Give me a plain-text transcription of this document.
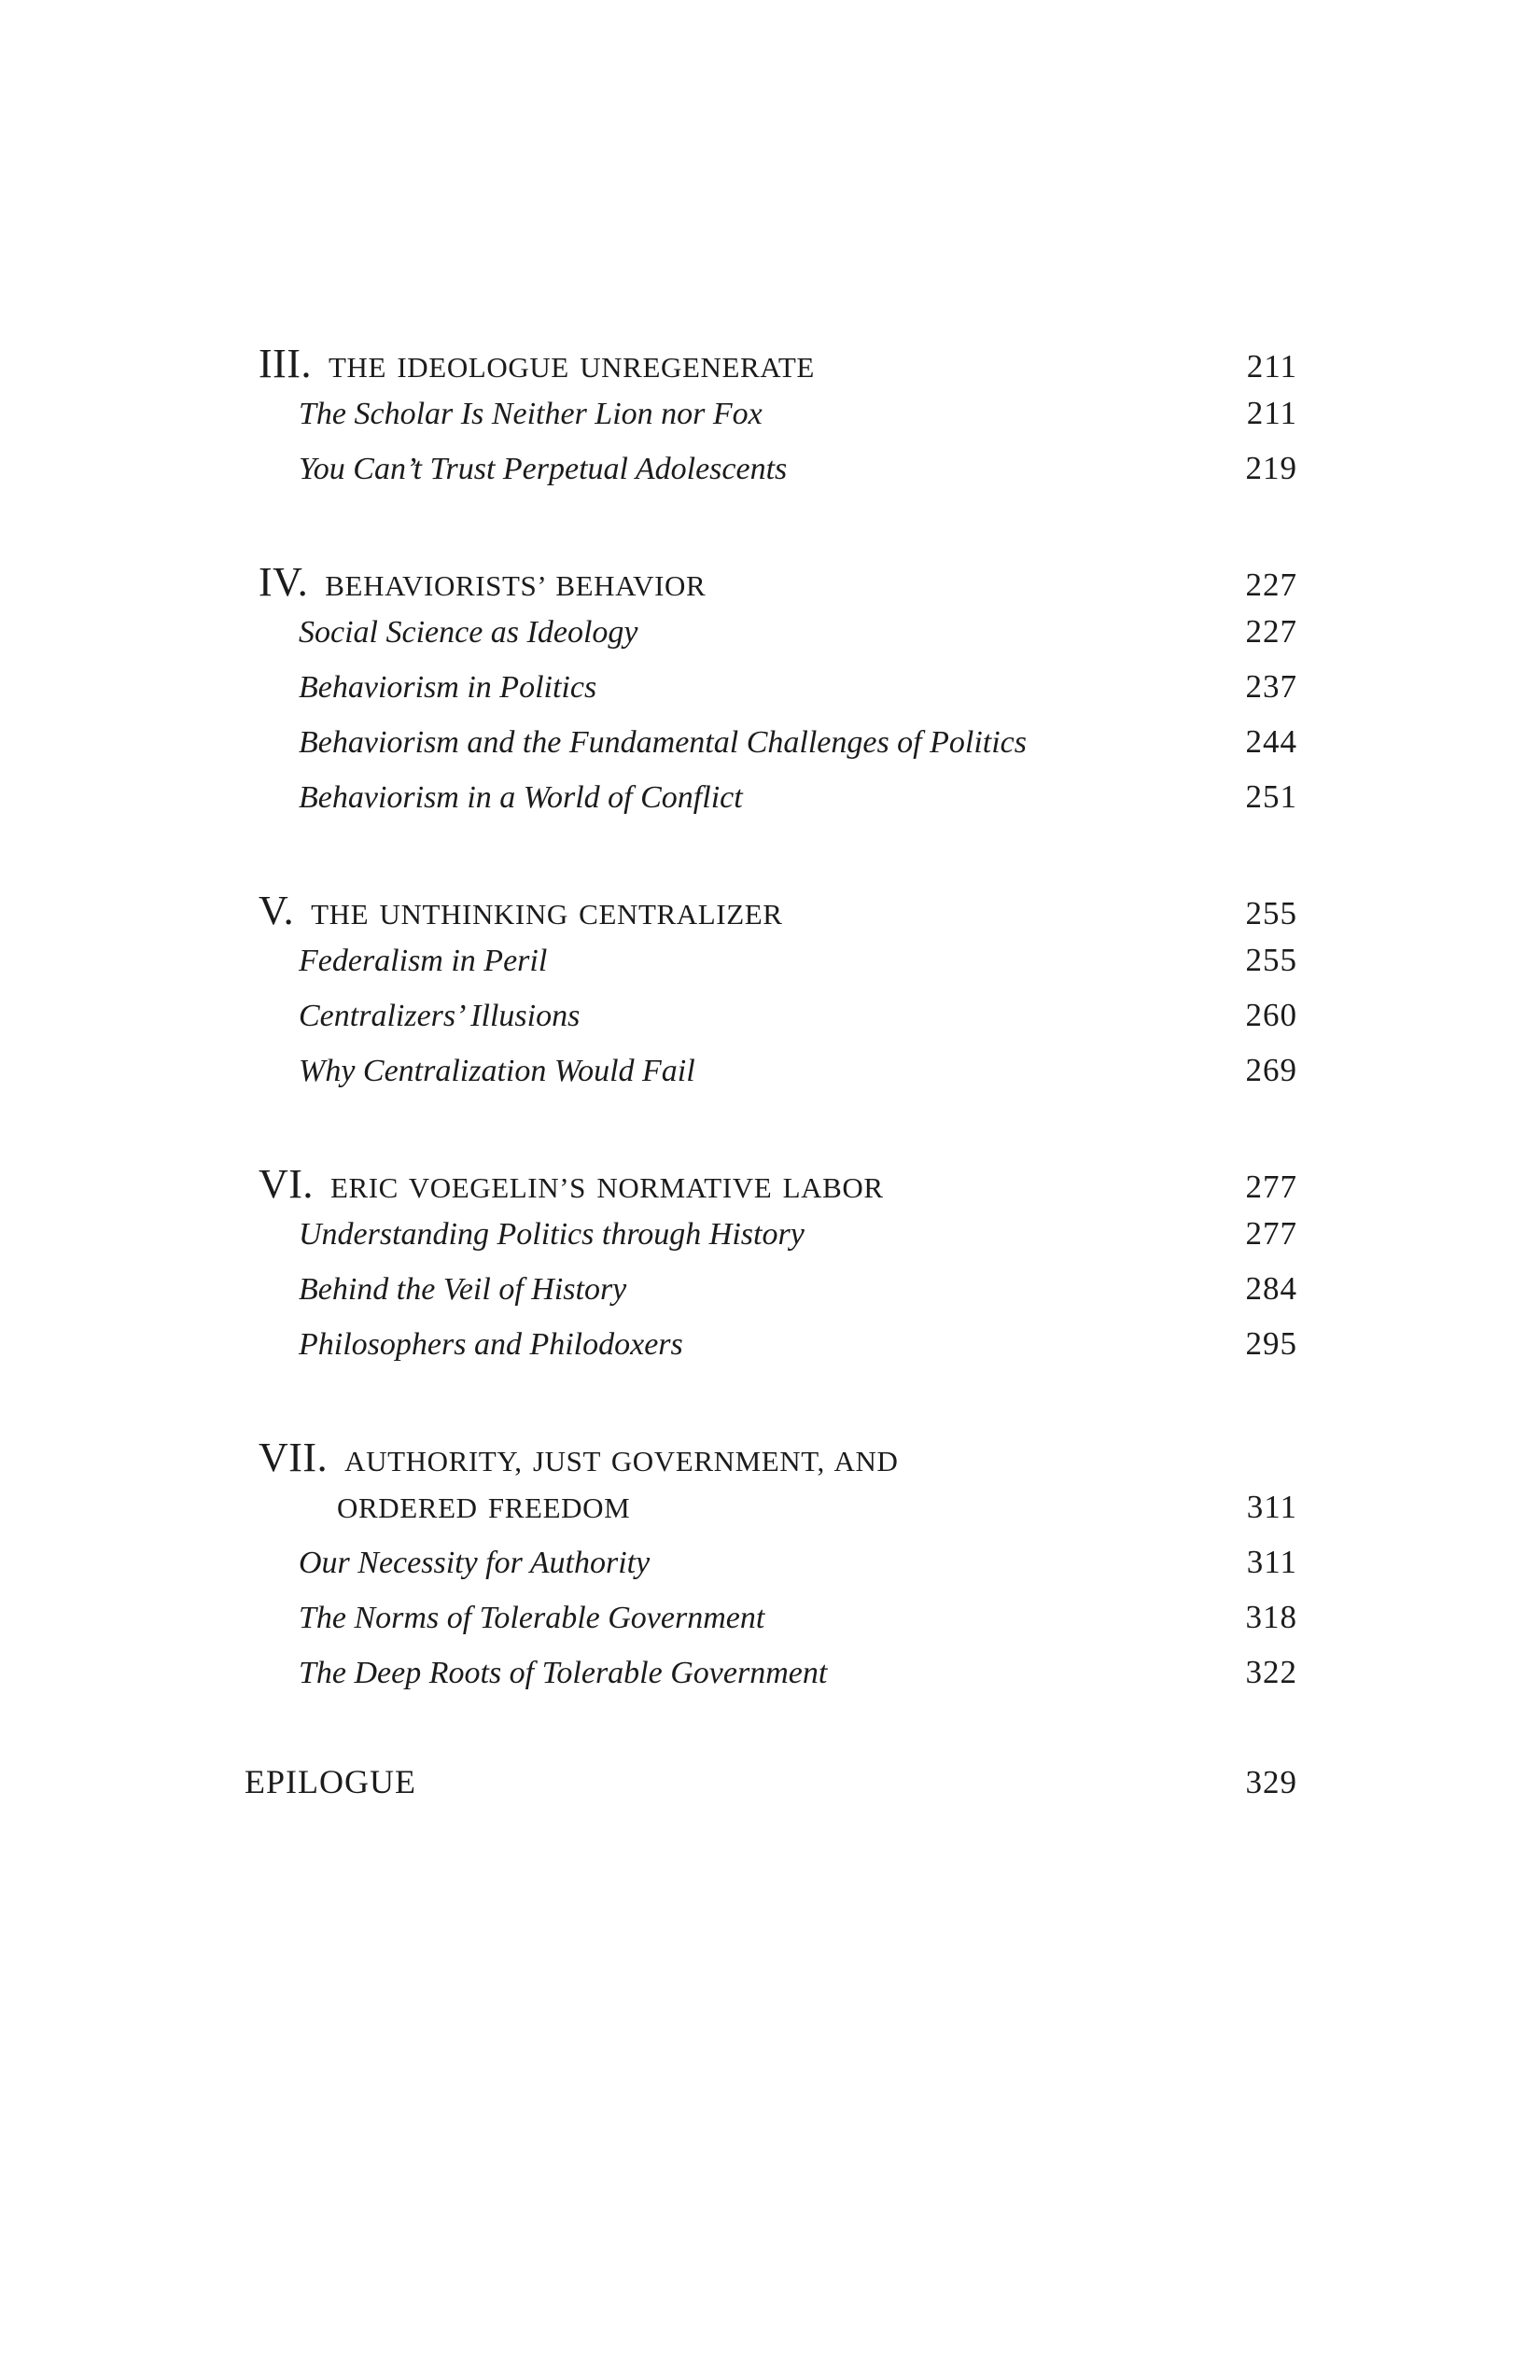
III. THE IDEOLOGUE UNREGENERATE	211
The Scholar Is Neither Lion nor Fox	211
You Can’t Trust Perpetual Adolescents	219
IV. BEHAVIORISTS’ BEHAVIOR	227
Social Science as Ideology	227
Behaviorism in Politics	237
Behaviorism and the Fundamental Challenges of Politics	244
Behaviorism in a World of Conflict	251
V. THE UNTHINKING CENTRALIZER	255
Federalism in Peril	255
Centralizers’ Illusions	260
Why Centralization Would Fail	269
VI. ERIC VOEGELIN’S NORMATIVE LABOR	277
Understanding Politics through History	277
Behind the Veil of History	284
Philosophers and Philodoxers	295
VII. AUTHORITY, JUST GOVERNMENT, AND
ORDERED FREEDOM	311
Our Necessity for Authority	311
The Norms of Tolerable Government	318
The Deep Roots of Tolerable Government	322
EPILOGUE	329
